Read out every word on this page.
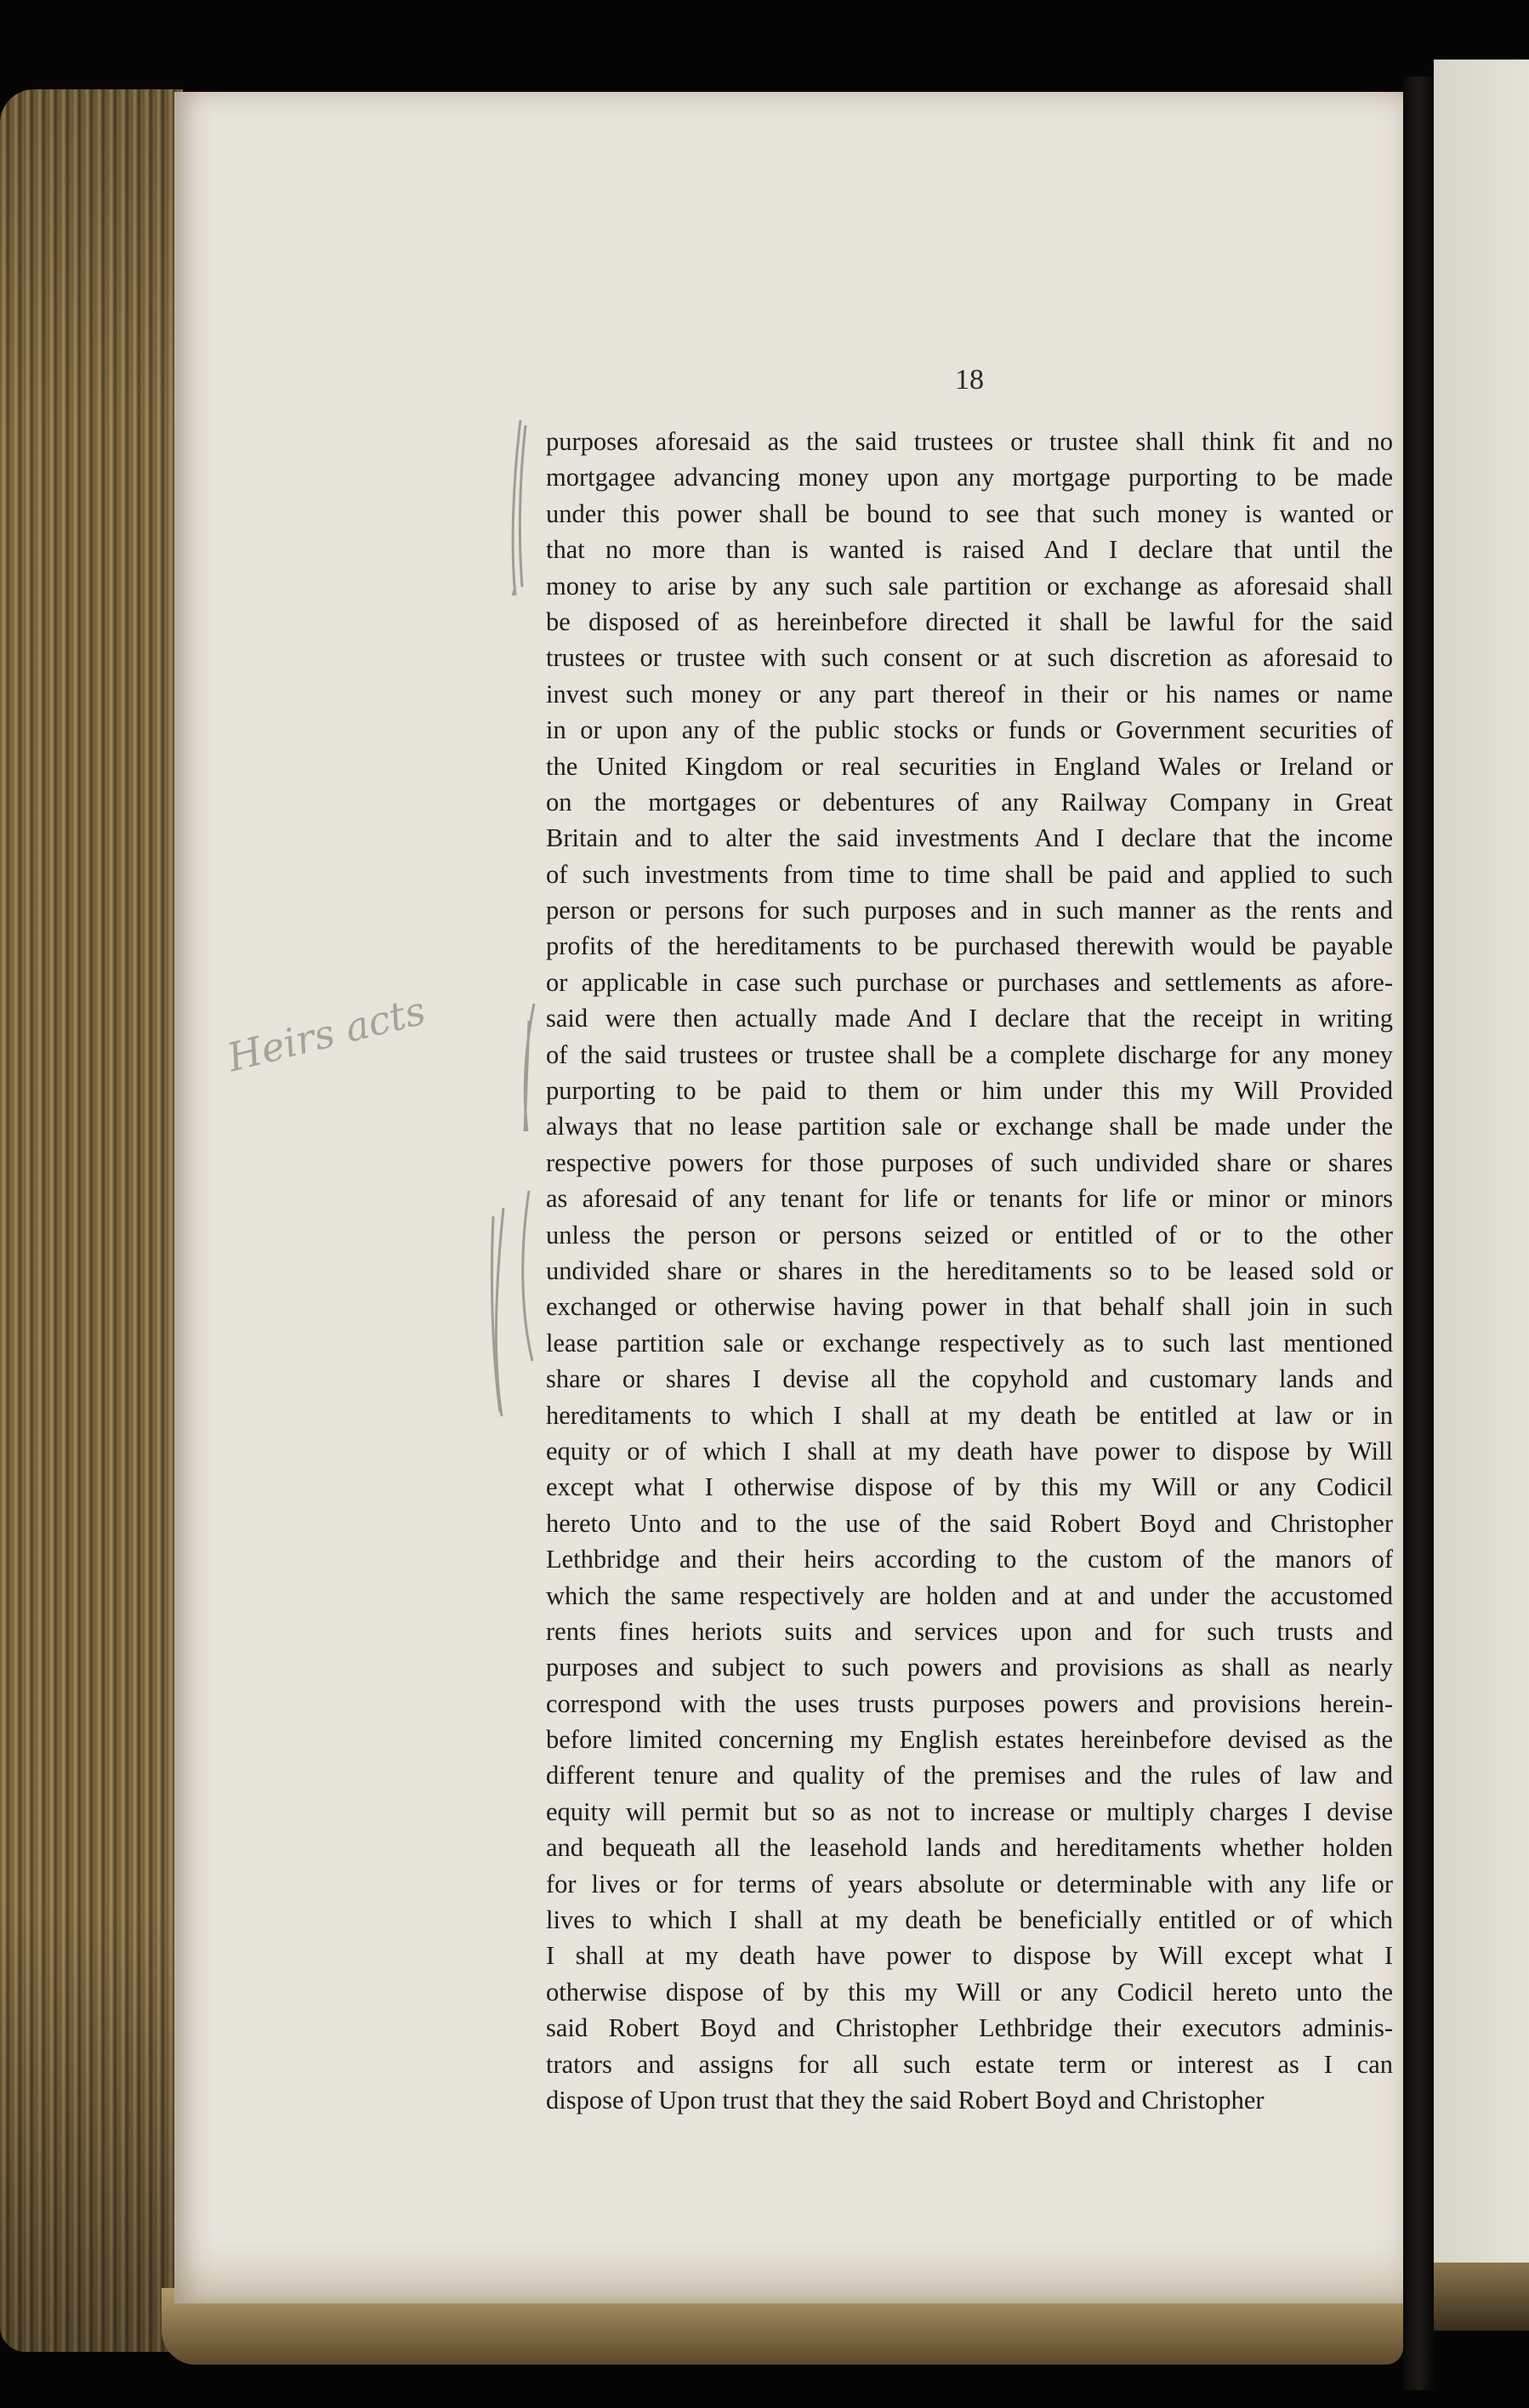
18
purposes aforesaid as the said trustees or trustee shall think fit and no
mortgagee advancing money upon any mortgage purporting to be made
under this power shall be bound to see that such money is wanted or
that no more than is wanted is raised And I declare that until the
money to arise by any such sale partition or exchange as aforesaid shall
be disposed of as hereinbefore directed it shall be lawful for the said
trustees or trustee with such consent or at such discretion as aforesaid to
invest such money or any part thereof in their or his names or name
in or upon any of the public stocks or funds or Government securities of
the United Kingdom or real securities in England Wales or Ireland or
on the mortgages or debentures of any Railway Company in Great
Britain and to alter the said investments And I declare that the income
of such investments from time to time shall be paid and applied to such
person or persons for such purposes and in such manner as the rents and
profits of the hereditaments to be purchased therewith would be payable
or applicable in case such purchase or purchases and settlements as afore-
said were then actually made And I declare that the receipt in writing
of the said trustees or trustee shall be a complete discharge for any money
purporting to be paid to them or him under this my Will Provided
always that no lease partition sale or exchange shall be made under the
respective powers for those purposes of such undivided share or shares
as aforesaid of any tenant for life or tenants for life or minor or minors
unless the person or persons seized or entitled of or to the other
undivided share or shares in the hereditaments so to be leased sold or
exchanged or otherwise having power in that behalf shall join in such
lease partition sale or exchange respectively as to such last mentioned
share or shares I devise all the copyhold and customary lands and
hereditaments to which I shall at my death be entitled at law or in
equity or of which I shall at my death have power to dispose by Will
except what I otherwise dispose of by this my Will or any Codicil
hereto Unto and to the use of the said Robert Boyd and Christopher
Lethbridge and their heirs according to the custom of the manors of
which the same respectively are holden and at and under the accustomed
rents fines heriots suits and services upon and for such trusts and
purposes and subject to such powers and provisions as shall as nearly
correspond with the uses trusts purposes powers and provisions herein-
before limited concerning my English estates hereinbefore devised as the
different tenure and quality of the premises and the rules of law and
equity will permit but so as not to increase or multiply charges I devise
and bequeath all the leasehold lands and hereditaments whether holden
for lives or for terms of years absolute or determinable with any life or
lives to which I shall at my death be beneficially entitled or of which
I shall at my death have power to dispose by Will except what I
otherwise dispose of by this my Will or any Codicil hereto unto the
said Robert Boyd and Christopher Lethbridge their executors adminis-
trators and assigns for all such estate term or interest as I can
dispose of Upon trust that they the said Robert Boyd and Christopher
Heirs acts
